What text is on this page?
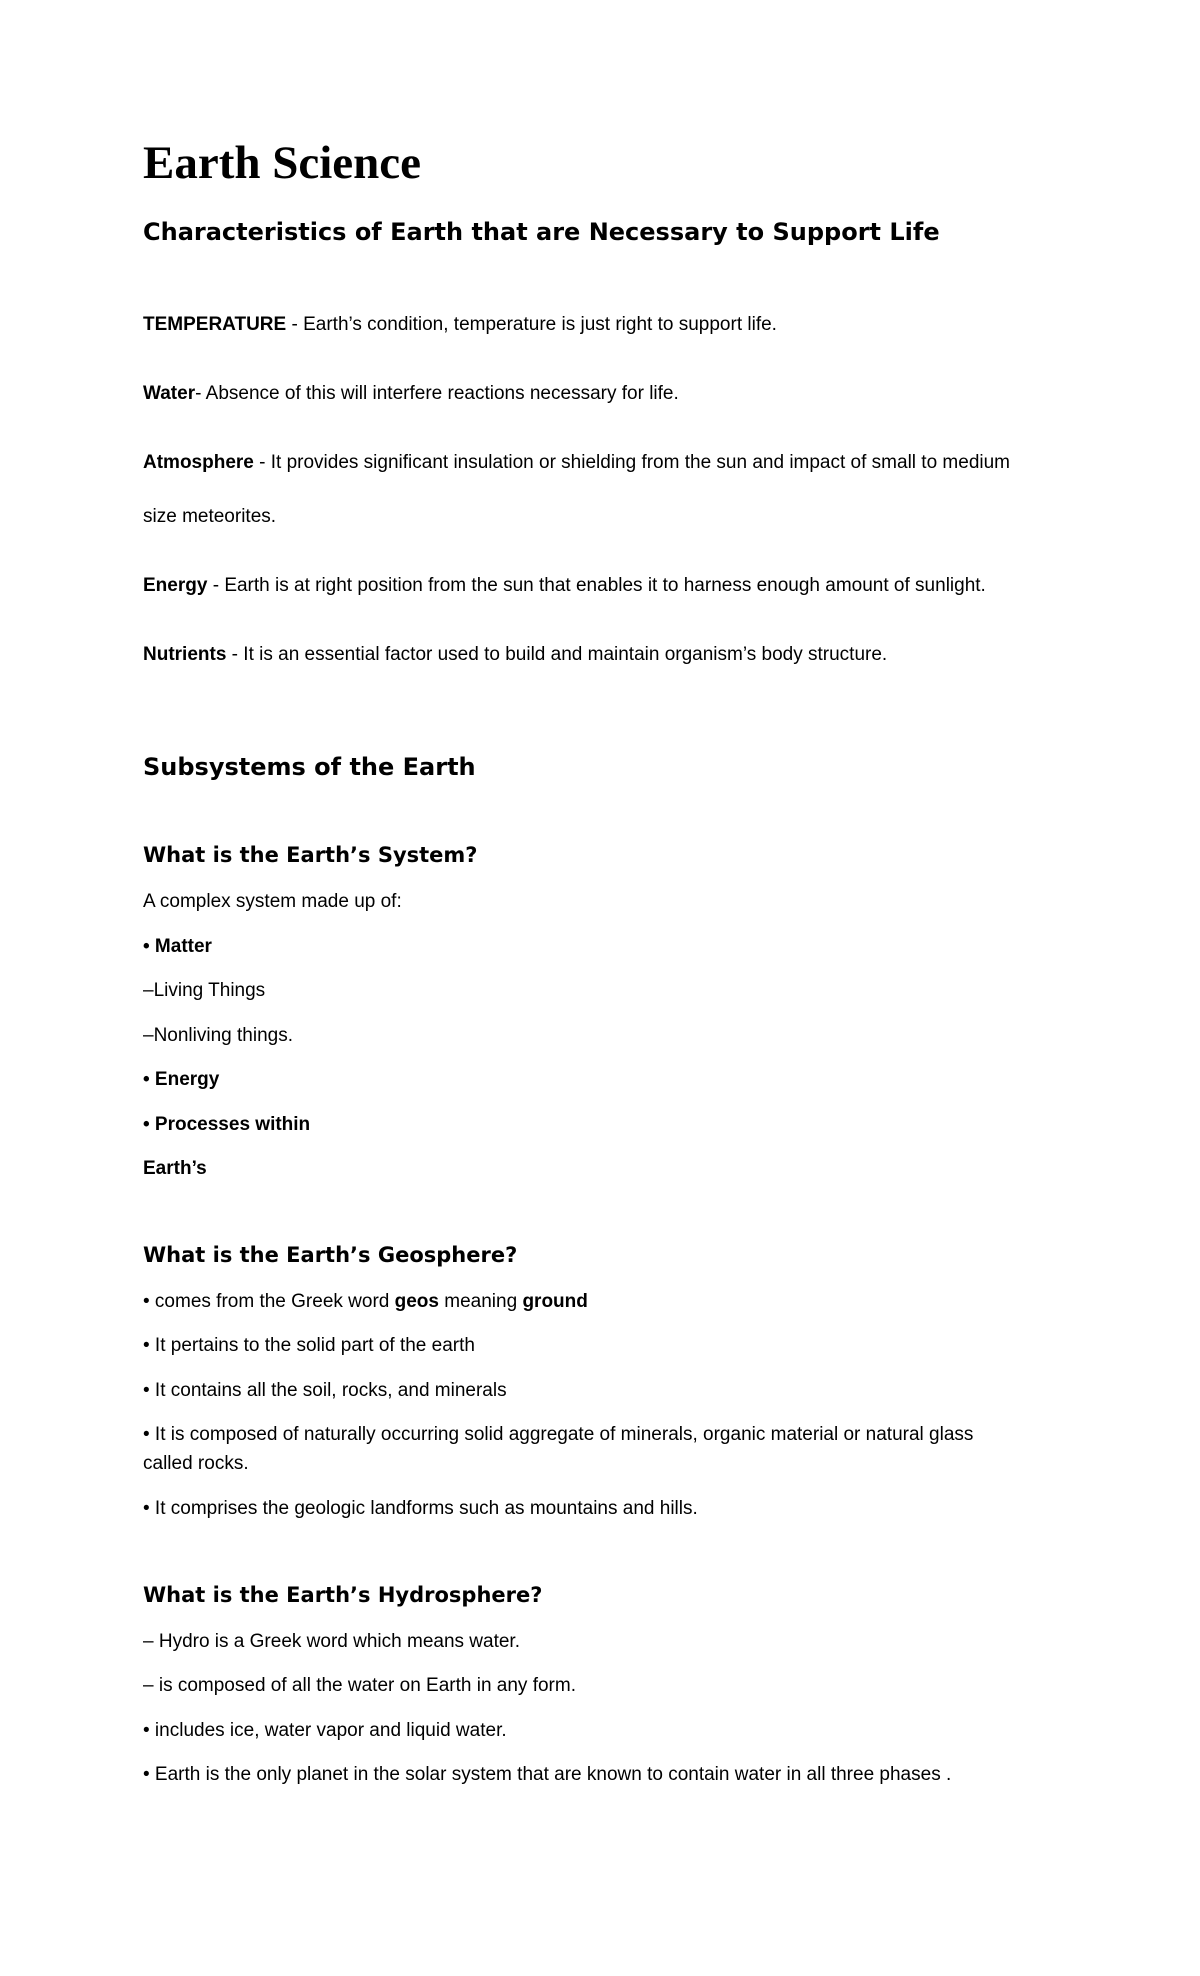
Earth Science
Characteristics of Earth that are Necessary to Support Life

TEMPERATURE - Earth’s condition, temperature is just right to support life.

Water- Absence of this will interfere reactions necessary for life.

Atmosphere - It provides significant insulation or shielding from the sun and impact of small to medium

size meteorites.

Energy - Earth is at right position from the sun that enables it to harness enough amount of sunlight.

Nutrients - It is an essential factor used to build and maintain organism’s body structure.

Subsystems of the Earth
What is the Earth’s System?

A complex system made up of:

• Matter

–Living Things

–Nonliving things.

• Energy

• Processes within

Earth’s

What is the Earth’s Geosphere?

• comes from the Greek word geos meaning ground

• It pertains to the solid part of the earth

• It contains all the soil, rocks, and minerals

• It is composed of naturally occurring solid aggregate of minerals, organic material or natural glass

called rocks.

• It comprises the geologic landforms such as mountains and hills.

What is the Earth’s Hydrosphere?

– Hydro is a Greek word which means water.

– is composed of all the water on Earth in any form.

• includes ice, water vapor and liquid water.

• Earth is the only planet in the solar system that are known to contain water in all three phases .
